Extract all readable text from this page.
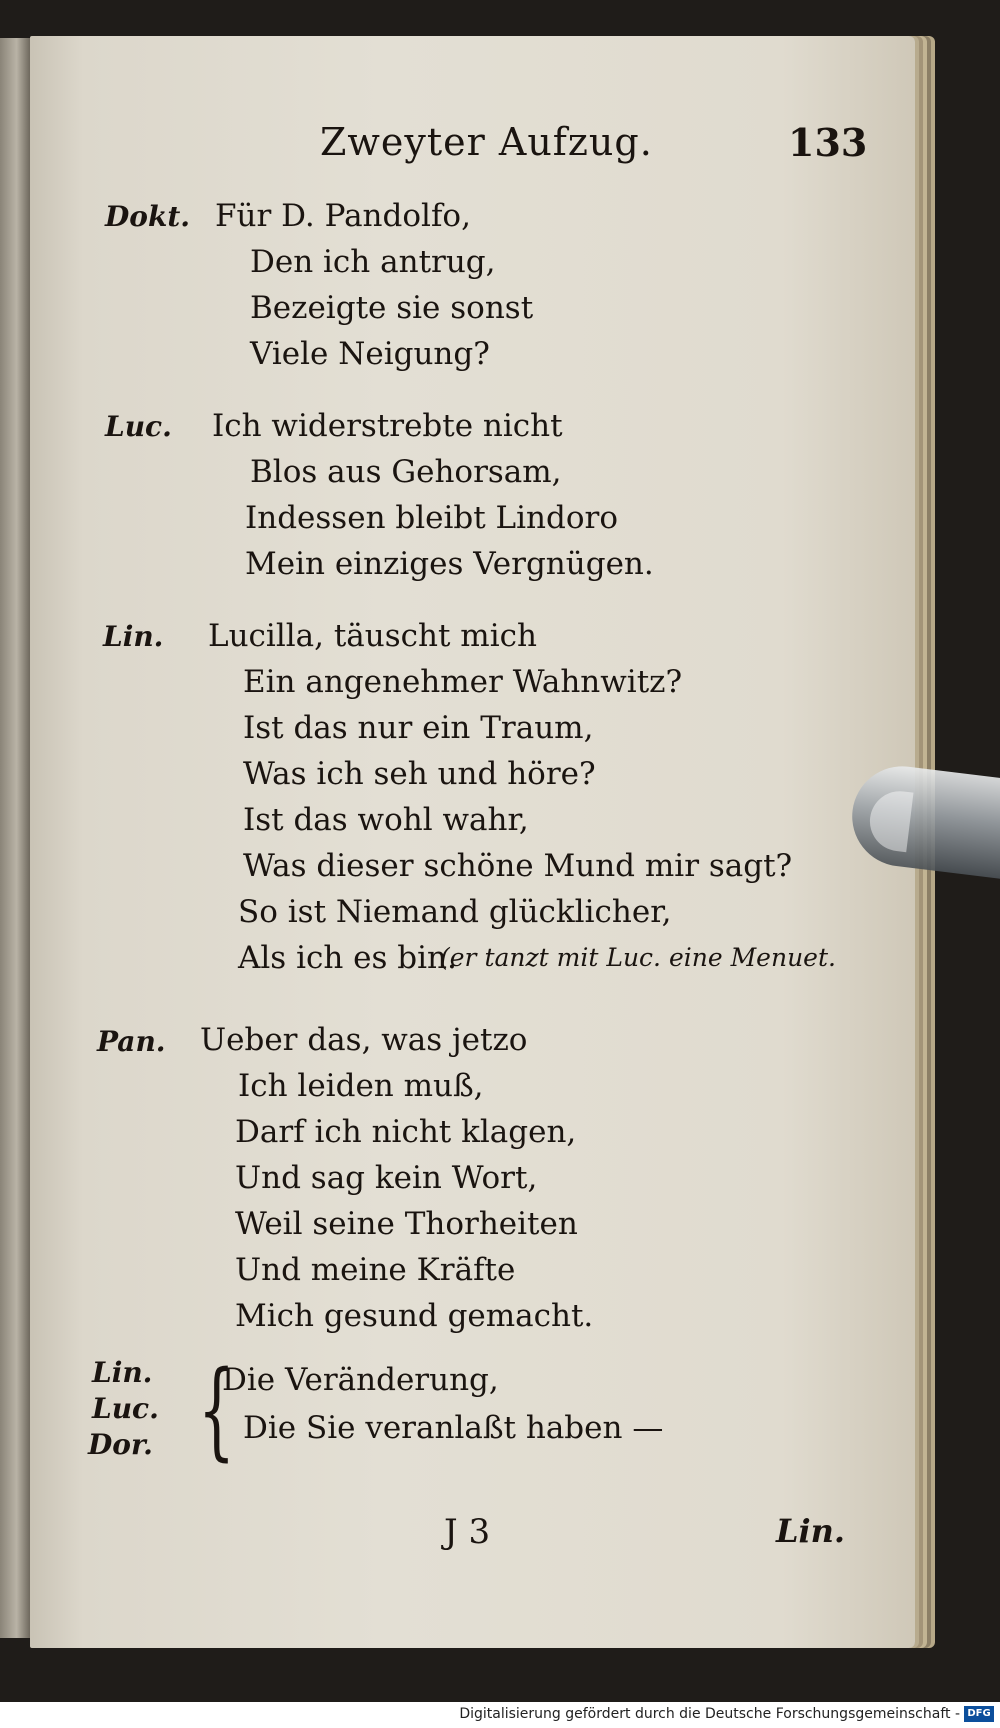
Zweyter Aufzug.	133
Dokt. Für D. Pandolfo,
Den ich antrug,
Bezeigte sie sonst
Viele Neigung?
Luc. Ich widerstrebte nicht
Blos aus Gehorsam,
Indessen bleibt Lindoro
Mein einziges Vergnügen.
Lin. Lucilla, täuscht mich
Ein angenehmer Wahnwitz?
Ist das nur ein Traum,
Was ich seh und höre?
Ist das wohl wahr,
Was dieser schöne Mund mir sagt?
So ist Niemand glücklicher,
Als ich es bin.
(er tanzt mit Luc. eine Menuet.
Pan. Ueber das, was jetzo
Ich leiden muß,
Darf ich nicht klagen,
Und sag kein Wort,
Weil seine Thorheiten
Und meine Kräfte
Mich gesund gemacht.
Lin.
Luc.
Dor. {
Die Veränderung,
Die Sie veranlaßt haben —
J 3	Lin.
Digitalisierung gefördert durch die Deutsche Forschungsgemeinschaft - DFG
